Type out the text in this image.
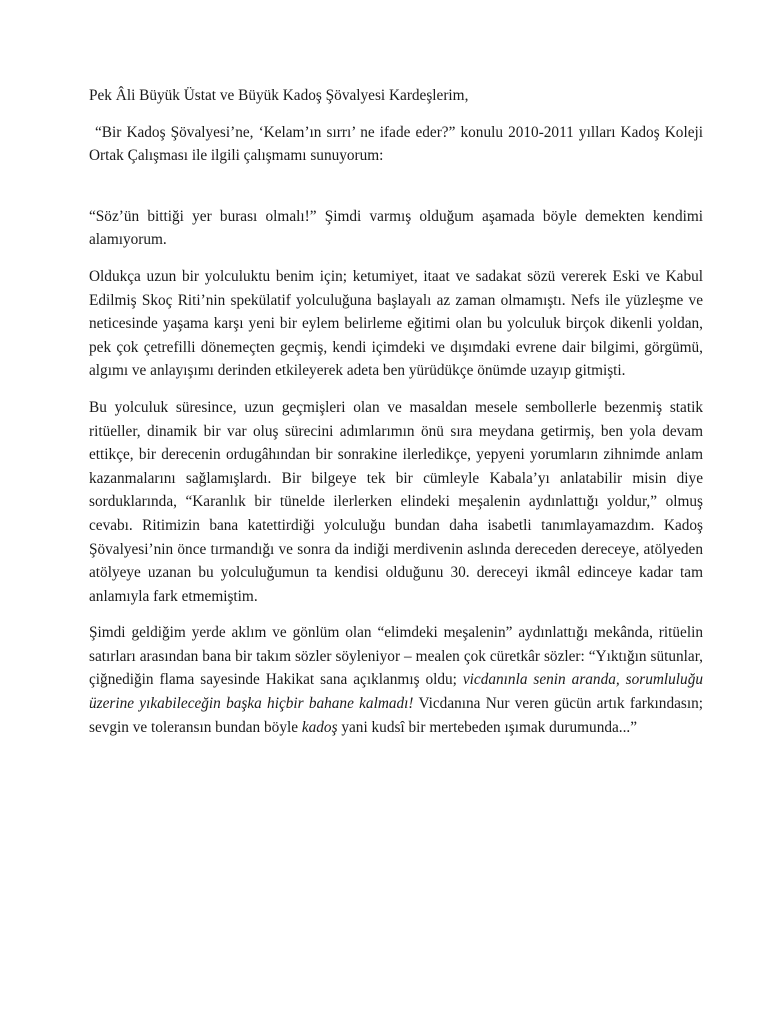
Pek Âli Büyük Üstat ve Büyük Kadoş Şövalyesi Kardeşlerim,

“Bir Kadoş Şövalyesi’ne, ‘Kelam’ın sırrı’ ne ifade eder?” konulu 2010-2011 yılları Kadoş Koleji Ortak Çalışması ile ilgili çalışmamı sunuyorum:

“Söz’ün bittiği yer burası olmalı!” Şimdi varmış olduğum aşamada böyle demekten kendimi alamıyorum.

Oldukça uzun bir yolculuktu benim için; ketumiyet, itaat ve sadakat sözü vererek Eski ve Kabul Edilmiş Skoç Riti’nin spekülatif yolculuğuna başlayalı az zaman olmamıştı. Nefs ile yüzleşme ve neticesinde yaşama karşı yeni bir eylem belirleme eğitimi olan bu yolculuk birçok dikenli yoldan, pek çok çetrefilli dönemeçten geçmiş, kendi içimdeki ve dışımdaki evrene dair bilgimi, görgümü, algımı ve anlayışımı derinden etkileyerek adeta ben yürüdükçe önümde uzayıp gitmişti.

Bu yolculuk süresince, uzun geçmişleri olan ve masaldan mesele sembollerle bezenmiş statik ritüeller, dinamik bir var oluş sürecini adımlarımın önü sıra meydana getirmiş, ben yola devam ettikçe, bir derecenin ordugâhından bir sonrakine ilerledikçe, yepyeni yorumların zihnimde anlam kazanmalarını sağlamışlardı. Bir bilgeye tek bir cümleyle Kabala’yı anlatabilir misin diye sorduklarında, “Karanlık bir tünelde ilerlerken elindeki meşalenin aydınlattığı yoldur,” olmuş cevabı. Ritimizin bana katettirdiği yolculuğu bundan daha isabetli tanımlayamazdım. Kadoş Şövalyesi’nin önce tırmandığı ve sonra da indiği merdivenin aslında dereceden dereceye, atölyeden atölyeye uzanan bu yolculuğumun ta kendisi olduğunu 30. dereceyi ikmâl edinceye kadar tam anlamıyla fark etmemiştim.

Şimdi geldiğim yerde aklım ve gönlüm olan “elimdeki meşalenin” aydınlattığı mekânda, ritüelin satırları arasından bana bir takım sözler söyleniyor – mealen çok cüretkâr sözler: “Yıktığın sütunlar, çiğnediğin flama sayesinde Hakikat sana açıklanmış oldu; vicdanınla senin aranda, sorumluluğu üzerine yıkabileceğin başka hiçbir bahane kalmadı! Vicdanına Nur veren gücün artık farkındasın; sevgin ve toleransın bundan böyle kadoş yani kudsî bir mertebeden ışımak durumunda...”
